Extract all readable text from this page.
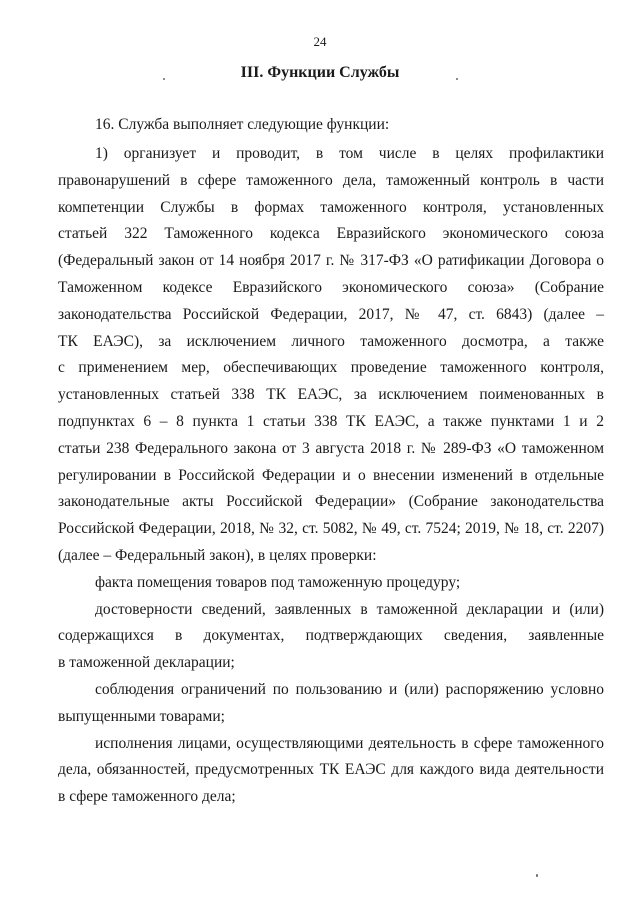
24
III. Функции Службы
16. Служба выполняет следующие функции:

1) организует и проводит, в том числе в целях профилактики
правонарушений в сфере таможенного дела, таможенный контроль в части
компетенции Службы в формах таможенного контроля, установленных
статьей 322 Таможенного кодекса Евразийского экономического союза
(Федеральный закон от 14 ноября 2017 г. № 317-ФЗ «О ратификации Договора о
Таможенном кодексе Евразийского экономического союза» (Собрание
законодательства Российской Федерации, 2017, № 47, ст. 6843) (далее –
ТК ЕАЭС), за исключением личного таможенного досмотра, а также
с применением мер, обеспечивающих проведение таможенного контроля,
установленных статьей 338 ТК ЕАЭС, за исключением поименованных в
подпунктах 6 – 8 пункта 1 статьи 338 ТК ЕАЭС, а также пунктами 1 и 2
статьи 238 Федерального закона от 3 августа 2018 г. № 289-ФЗ «О таможенном
регулировании в Российской Федерации и о внесении изменений в отдельные
законодательные акты Российской Федерации» (Собрание законодательства
Российской Федерации, 2018, № 32, ст. 5082, № 49, ст. 7524; 2019, № 18, ст. 2207)
(далее – Федеральный закон), в целях проверки:

факта помещения товаров под таможенную процедуру;

достоверности сведений, заявленных в таможенной декларации и (или)
содержащихся в документах, подтверждающих сведения, заявленные
в таможенной декларации;

соблюдения ограничений по пользованию и (или) распоряжению условно
выпущенными товарами;

исполнения лицами, осуществляющими деятельность в сфере таможенного
дела, обязанностей, предусмотренных ТК ЕАЭС для каждого вида деятельности
в сфере таможенного дела;
